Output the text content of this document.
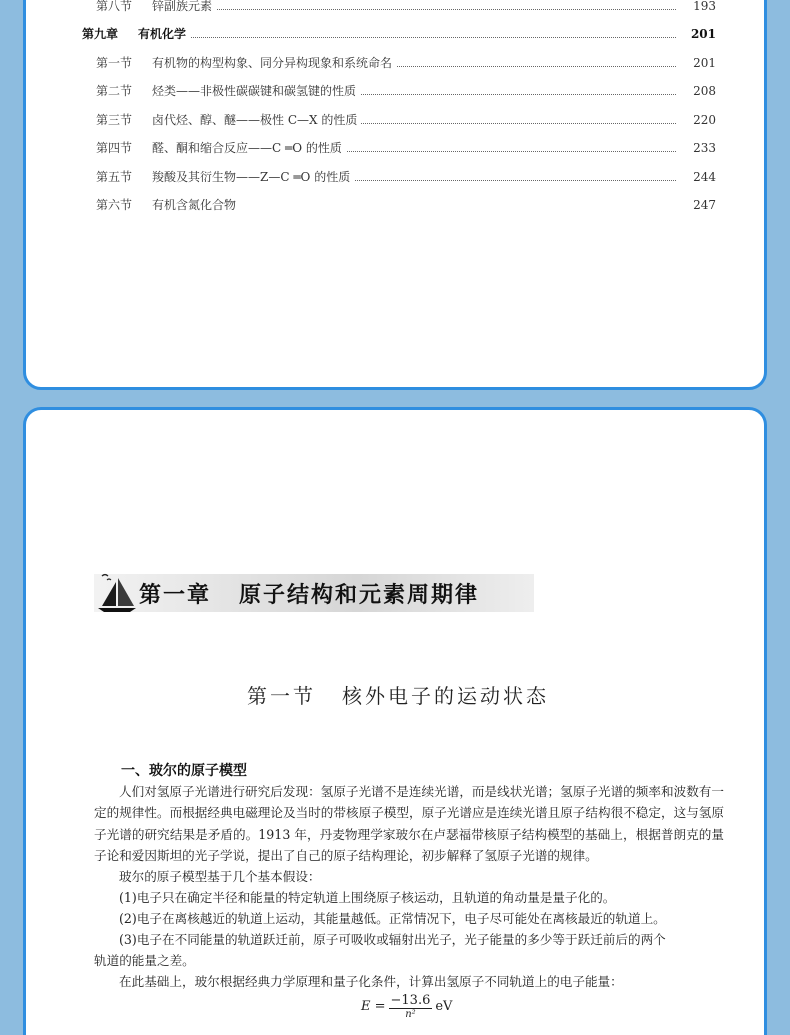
第八节 锌副族元素	193
第九章 有机化学	201
第一节 有机物的构型构象、同分异构现象和系统命名	201
第二节 烃类——非极性碳碳键和碳氢键的性质	208
第三节 卤代烃、醇、醚——极性 C—X 的性质	220
第四节 醛、酮和缩合反应——C ═O 的性质	233
第五节 羧酸及其衍生物——Z—C ═O 的性质	244
第六节 有机含氮化合物	247
第一章 原子结构和元素周期律
第一节 核外电子的运动状态
一、玻尔的原子模型

人们对氢原子光谱进行研究后发现：氢原子光谱不是连续光谱，而是线状光谱；氢原子光谱的频率和波数有一定的规律性。而根据经典电磁理论及当时的带核原子模型，原子光谱应是连续光谱且原子结构很不稳定，这与氢原子光谱的研究结果是矛盾的。1913 年，丹麦物理学家玻尔在卢瑟福带核原子结构模型的基础上，根据普朗克的量子论和爱因斯坦的光子学说，提出了自己的原子结构理论，初步解释了氢原子光谱的规律。

玻尔的原子模型基于几个基本假设：

(1)电子只在确定半径和能量的特定轨道上围绕原子核运动，且轨道的角动量是量子化的。

(2)电子在离核越近的轨道上运动，其能量越低。正常情况下，电子尽可能处在离核最近的轨道上。

(3)电子在不同能量的轨道跃迁前，原子可吸收或辐射出光子，光子能量的多少等于跃迁前后的两个

轨道的能量之差。

在此基础上，玻尔根据经典力学原理和量子化条件，计算出氢原子不同轨道上的电子能量：

$E = \frac{-13.6}{\text{n²}}$ eV
